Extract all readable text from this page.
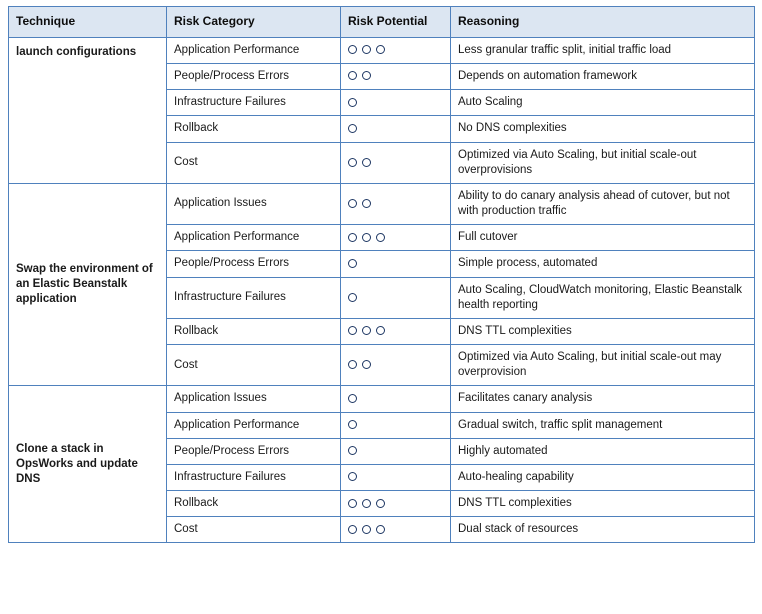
Technique	Risk Category	Risk Potential	Reasoning
launch configurations	Application Performance		Less granular traffic split, initial traffic load
	People/Process Errors		Depends on automation framework
	Infrastructure Failures		Auto Scaling
	Rollback		No DNS complexities
	Cost		Optimized via Auto Scaling, but initial scale-out overprovisions
Swap the environment of an Elastic Beanstalk application	Application Issues		Ability to do canary analysis ahead of cutover, but not with production traffic
	Application Performance		Full cutover
	People/Process Errors		Simple process, automated
	Infrastructure Failures		Auto Scaling, CloudWatch monitoring, Elastic Beanstalk health reporting
	Rollback		DNS TTL complexities
	Cost		Optimized via Auto Scaling, but initial scale-out may overprovision
Clone a stack in OpsWorks and update DNS	Application Issues		Facilitates canary analysis
	Application Performance		Gradual switch, traffic split management
	People/Process Errors		Highly automated
	Infrastructure Failures		Auto-healing capability
	Rollback		DNS TTL complexities
	Cost		Dual stack of resources
